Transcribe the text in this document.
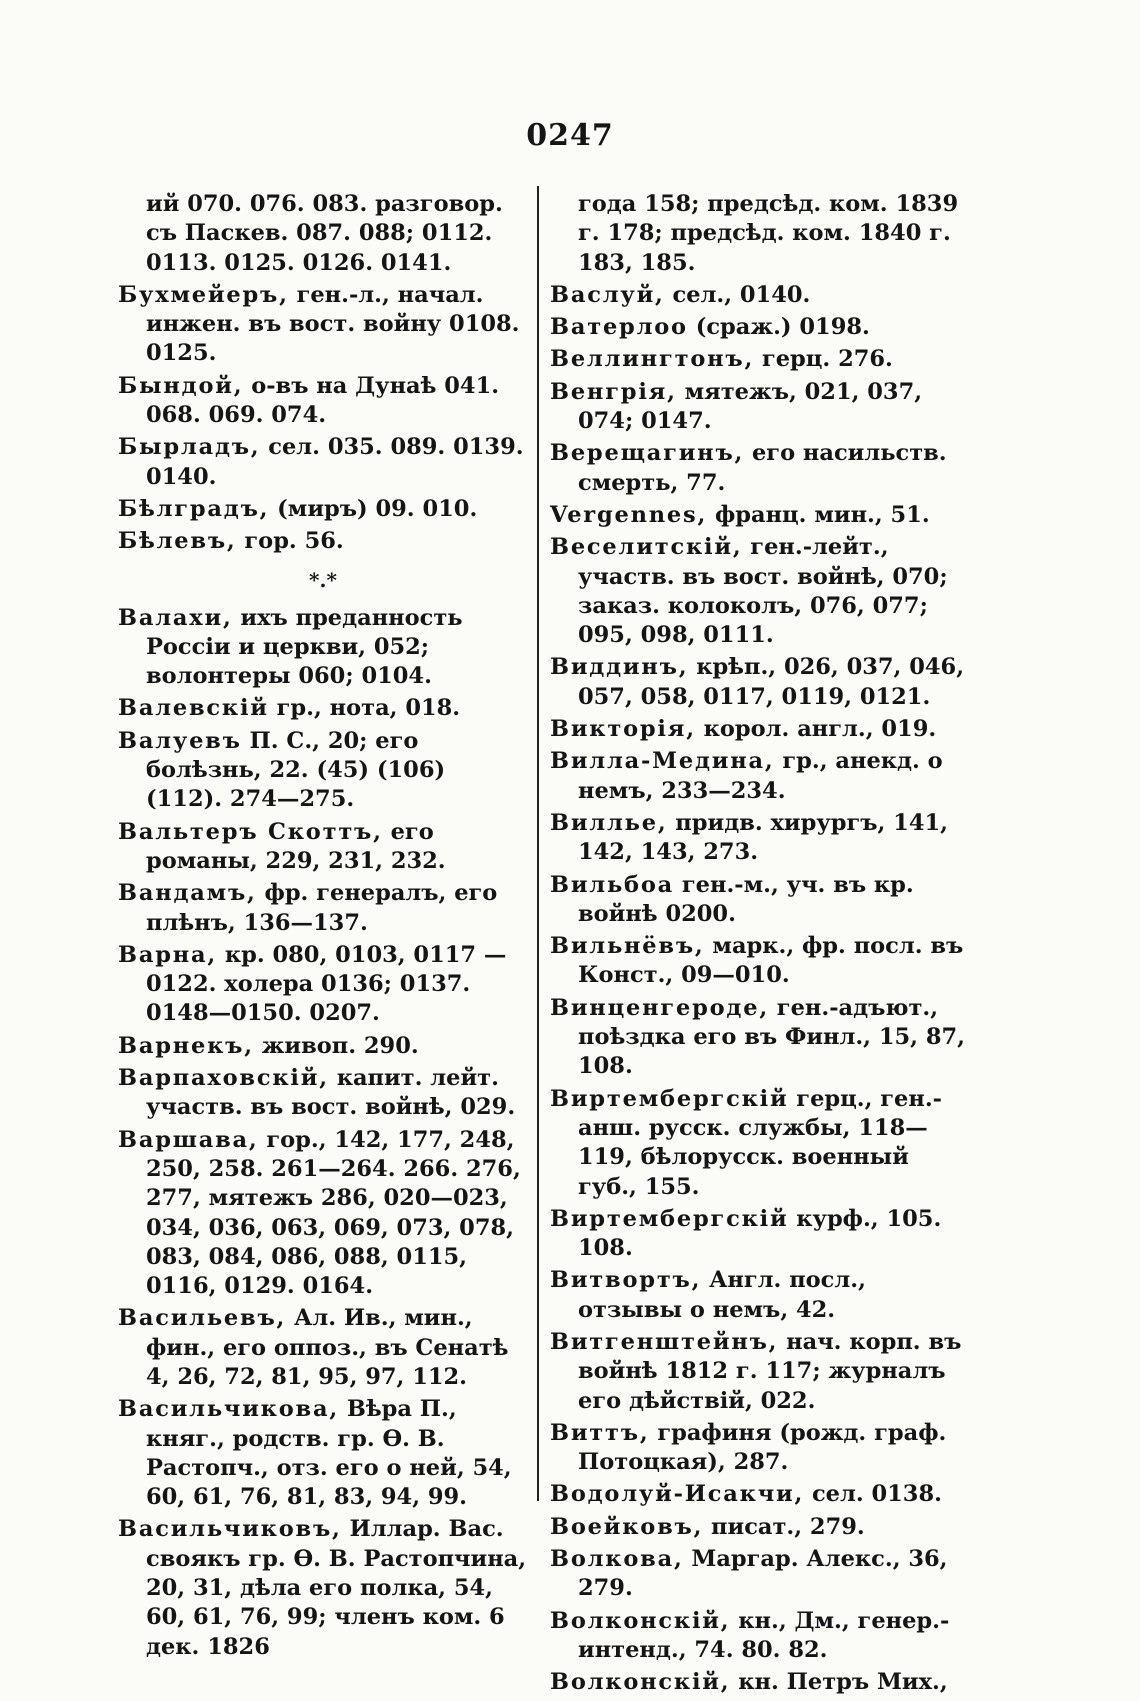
0247
ий 070. 076. 083. разговор. съ Паскев. 087. 088; 0112. 0113. 0125. 0126. 0141.
Бухмейеръ, ген.-л., начал. инжен. въ вост. войну 0108. 0125.
Бындой, о-въ на Дунаѣ 041. 068. 069. 074.
Бырладъ, сел. 035. 089. 0139. 0140.
Бѣлградъ, (миръ) 09. 010.
Бѣлевъ, гор. 56.
*.*
Валахи, ихъ преданность Россіи и церкви, 052; волонтеры 060; 0104.
Валевскій гр., нота, 018.
Валуевъ П. С., 20; его болѣзнь, 22. (45) (106) (112). 274—275.
Вальтеръ Скоттъ, его романы, 229, 231, 232.
Вандамъ, фр. генералъ, его плѣнъ, 136—137.
Варна, кр. 080, 0103, 0117 — 0122. холера 0136; 0137. 0148—0150. 0207.
Варнекъ, живоп. 290.
Варпаховскій, капит. лейт. участв. въ вост. войнѣ, 029.
Варшава, гор., 142, 177, 248, 250, 258. 261—264. 266. 276, 277, мятежъ 286, 020—023, 034, 036, 063, 069, 073, 078, 083, 084, 086, 088, 0115, 0116, 0129. 0164.
Васильевъ, Ал. Ив., мин., фин., его оппоз., въ Сенатѣ 4, 26, 72, 81, 95, 97, 112.
Васильчикова, Вѣра П., княг., родств. гр. Ѳ. В. Растопч., отз. его о ней, 54, 60, 61, 76, 81, 83, 94, 99.
Васильчиковъ, Иллар. Вас. своякъ гр. Ѳ. В. Растопчина, 20, 31, дѣла его полка, 54, 60, 61, 76, 99; членъ ком. 6 дек. 1826
года 158; предсѣд. ком. 1839 г. 178; предсѣд. ком. 1840 г. 183, 185.
Вaслуй, сел., 0140.
Ватерлоо (сраж.) 0198.
Веллингтонъ, герц. 276.
Венгрія, мятежъ, 021, 037, 074; 0147.
Верещагинъ, его насильств. смерть, 77.
Vergennes, франц. мин., 51.
Веселитскій, ген.-лейт., участв. въ вост. войнѣ, 070; заказ. колоколъ, 076, 077; 095, 098, 0111.
Виддинъ, крѣп., 026, 037, 046, 057, 058, 0117, 0119, 0121.
Викторія, корол. англ., 019.
Вилла-Медина, гр., анекд. о немъ, 233—234.
Виллье, придв. хирургъ, 141, 142, 143, 273.
Вильбоа ген.-м., уч. въ кр. войнѣ 0200.
Вильнёвъ, марк., фр. посл. въ Конст., 09—010.
Винценгероде, ген.-адъют., поѣздка его въ Финл., 15, 87, 108.
Виртембергскій герц., ген.-анш. русск. службы, 118—119, бѣлорусск. военный губ., 155.
Виртембергскій курф., 105. 108.
Витвортъ, Англ. посл., отзывы о немъ, 42.
Витгенштейнъ, нач. корп. въ войнѣ 1812 г. 117; журналъ его дѣйствій, 022.
Виттъ, графиня (рожд. граф. Потоцкая), 287.
Водолуй-Исакчи, сел. 0138.
Воейковъ, писат., 279.
Волкова, Маргар. Алекс., 36, 279.
Волконскій, кн., Дм., генер.-интенд., 74. 80. 82.
Волконскій, кн. Петръ Мих.,
